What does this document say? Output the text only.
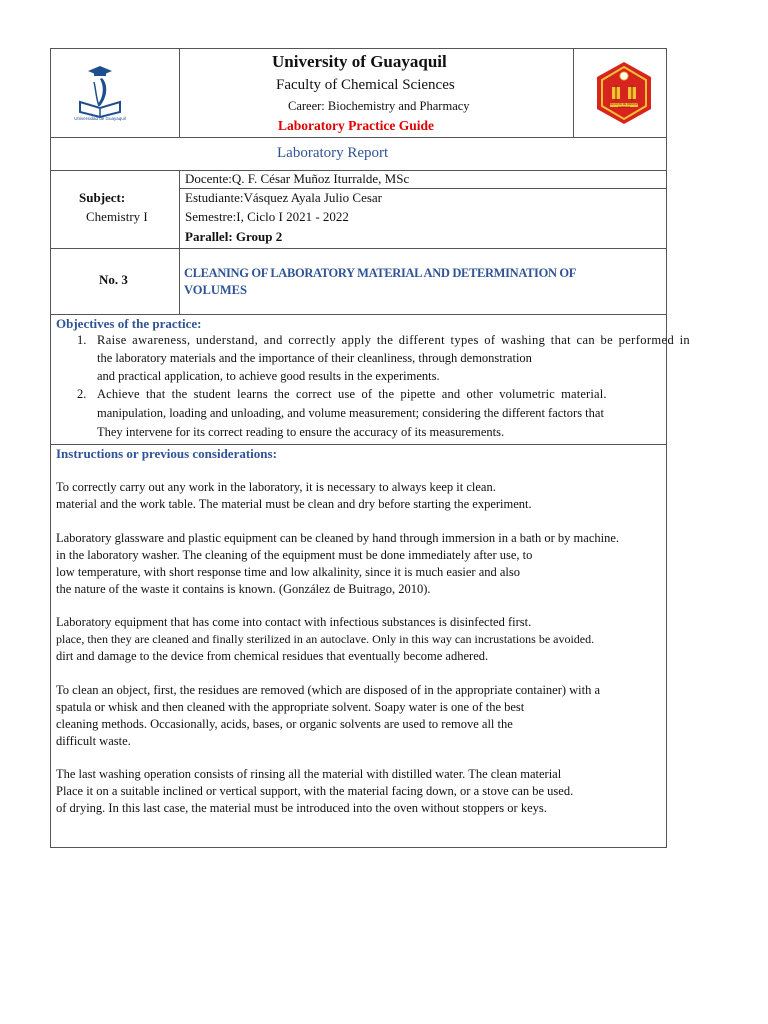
Universidad de Guayaquil
University of Guayaquil
Faculty of Chemical Sciences
Career: Biochemistry and Pharmacy
Laboratory Practice Guide
FACULTAD DE CIENCIAS QUIMICAS
Laboratory Report
Subject:
Chemistry I
Docente:Q. F. César Muñoz Iturralde, MSc
Estudiante:Vásquez Ayala Julio Cesar
Semestre:I, Ciclo I 2021 - 2022
Parallel: Group 2
No. 3	CLEANING OF LABORATORY MATERIAL AND DETERMINATION OF
VOLUMES
Objectives of the practice:
1. Raise awareness, understand, and correctly apply the different types of washing that can be performed in
the laboratory materials and the importance of their cleanliness, through demonstration
and practical application, to achieve good results in the experiments.
2. Achieve that the student learns the correct use of the pipette and other volumetric material.
manipulation, loading and unloading, and volume measurement; considering the different factors that
They intervene for its correct reading to ensure the accuracy of its measurements.
Instructions or previous considerations:
To correctly carry out any work in the laboratory, it is necessary to always keep it clean.
material and the work table. The material must be clean and dry before starting the experiment.
Laboratory glassware and plastic equipment can be cleaned by hand through immersion in a bath or by machine.
in the laboratory washer. The cleaning of the equipment must be done immediately after use, to
low temperature, with short response time and low alkalinity, since it is much easier and also
the nature of the waste it contains is known. (González de Buitrago, 2010).
Laboratory equipment that has come into contact with infectious substances is disinfected first.
place, then they are cleaned and finally sterilized in an autoclave. Only in this way can incrustations be avoided.
dirt and damage to the device from chemical residues that eventually become adhered.
To clean an object, first, the residues are removed (which are disposed of in the appropriate container) with a
spatula or whisk and then cleaned with the appropriate solvent. Soapy water is one of the best
cleaning methods. Occasionally, acids, bases, or organic solvents are used to remove all the
difficult waste.
The last washing operation consists of rinsing all the material with distilled water. The clean material
Place it on a suitable inclined or vertical support, with the material facing down, or a stove can be used.
of drying. In this last case, the material must be introduced into the oven without stoppers or keys.
